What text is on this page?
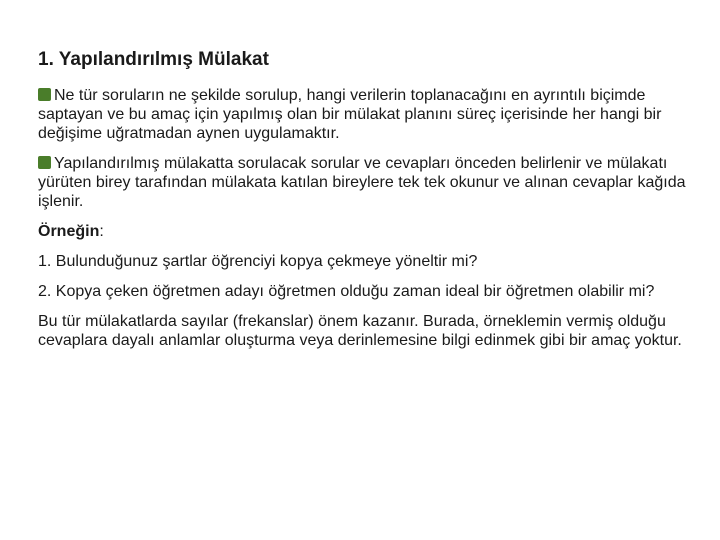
1. Yapılandırılmış Mülakat

Ne tür soruların ne şekilde sorulup, hangi verilerin toplanacağını en ayrıntılı biçimde saptayan ve bu amaç için yapılmış olan bir mülakat planını süreç içerisinde her hangi bir değişime uğratmadan aynen uygulamaktır.

Yapılandırılmış mülakatta sorulacak sorular ve cevapları önceden belirlenir ve mülakatı yürüten birey tarafından mülakata katılan bireylere tek tek okunur ve alınan cevaplar kağıda işlenir.

Örneğin:

1. Bulunduğunuz şartlar öğrenciyi kopya çekmeye yöneltir mi?

2. Kopya çeken öğretmen adayı öğretmen olduğu zaman ideal bir öğretmen olabilir mi?

Bu tür mülakatlarda sayılar (frekanslar) önem kazanır. Burada, örneklemin vermiş olduğu cevaplara dayalı anlamlar oluşturma veya derinlemesine bilgi edinmek gibi bir amaç yoktur.
